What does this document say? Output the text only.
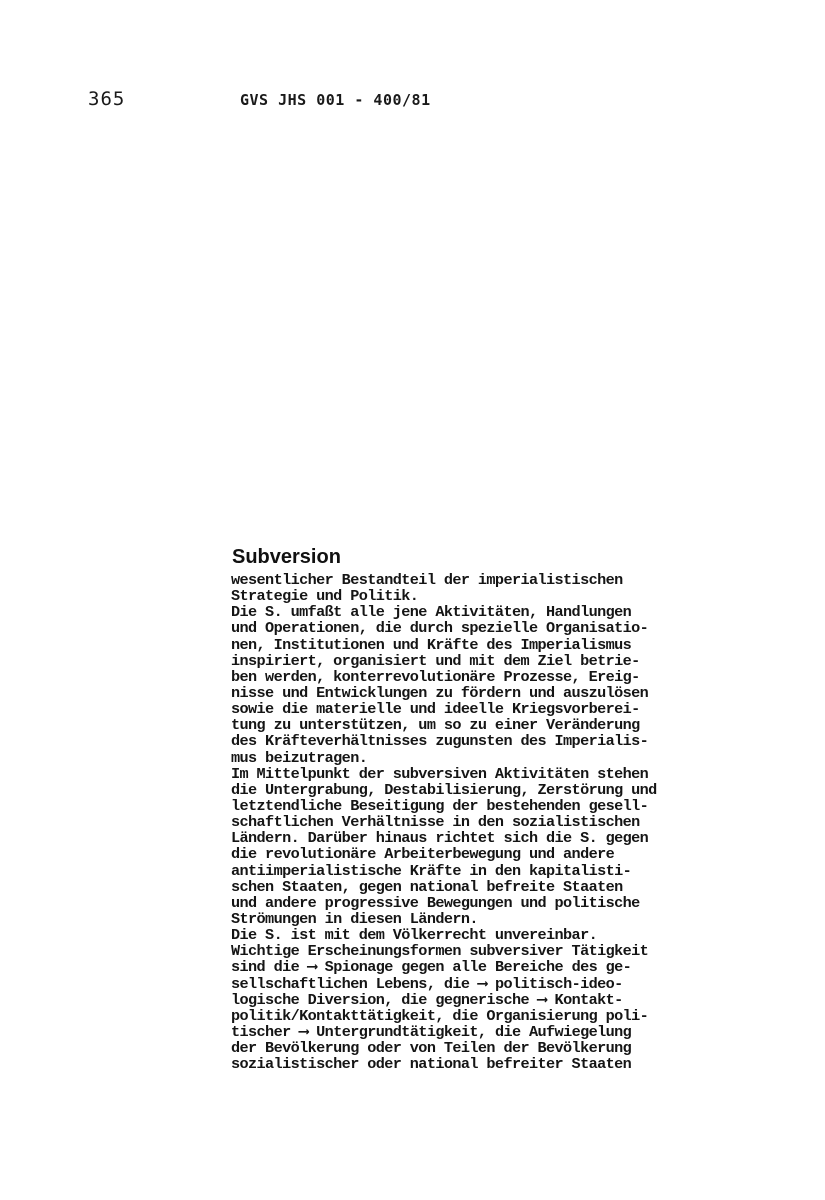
365	GVS JHS 001 - 400/81
Subversion
wesentlicher Bestandteil der imperialistischen
Strategie und Politik.
Die S. umfaßt alle jene Aktivitäten, Handlungen
und Operationen, die durch spezielle Organisatio-
nen, Institutionen und Kräfte des Imperialismus
inspiriert, organisiert und mit dem Ziel betrie-
ben werden, konterrevolutionäre Prozesse, Ereig-
nisse und Entwicklungen zu fördern und auszulösen
sowie die materielle und ideelle Kriegsvorberei-
tung zu unterstützen, um so zu einer Veränderung
des Kräfteverhältnisses zugunsten des Imperialis-
mus beizutragen.
Im Mittelpunkt der subversiven Aktivitäten stehen
die Untergrabung, Destabilisierung, Zerstörung und
letztendliche Beseitigung der bestehenden gesell-
schaftlichen Verhältnisse in den sozialistischen
Ländern. Darüber hinaus richtet sich die S. gegen
die revolutionäre Arbeiterbewegung und andere
antiimperialistische Kräfte in den kapitalisti-
schen Staaten, gegen national befreite Staaten
und andere progressive Bewegungen und politische
Strömungen in diesen Ländern.
Die S. ist mit dem Völkerrecht unvereinbar.
Wichtige Erscheinungsformen subversiver Tätigkeit
sind die ⟶ Spionage gegen alle Bereiche des ge-
sellschaftlichen Lebens, die ⟶ politisch-ideo-
logische Diversion, die gegnerische ⟶ Kontakt-
politik/Kontakttätigkeit, die Organisierung poli-
tischer ⟶ Untergrundtätigkeit, die Aufwiegelung
der Bevölkerung oder von Teilen der Bevölkerung
sozialistischer oder national befreiter Staaten
